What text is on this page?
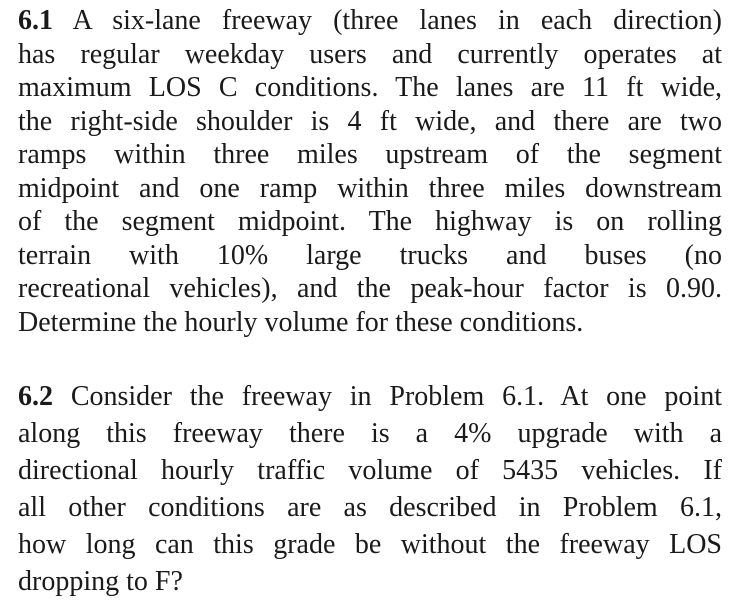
6.1 A six-lane freeway (three lanes in each direction)
has regular weekday users and currently operates at
maximum LOS C conditions. The lanes are 11 ft wide,
the right-side shoulder is 4 ft wide, and there are two
ramps within three miles upstream of the segment
midpoint and one ramp within three miles downstream
of the segment midpoint. The highway is on rolling
terrain with 10% large trucks and buses (no
recreational vehicles), and the peak-hour factor is 0.90.
Determine the hourly volume for these conditions.
6.2 Consider the freeway in Problem 6.1. At one point
along this freeway there is a 4% upgrade with a
directional hourly traffic volume of 5435 vehicles. If
all other conditions are as described in Problem 6.1,
how long can this grade be without the freeway LOS
dropping to F?
